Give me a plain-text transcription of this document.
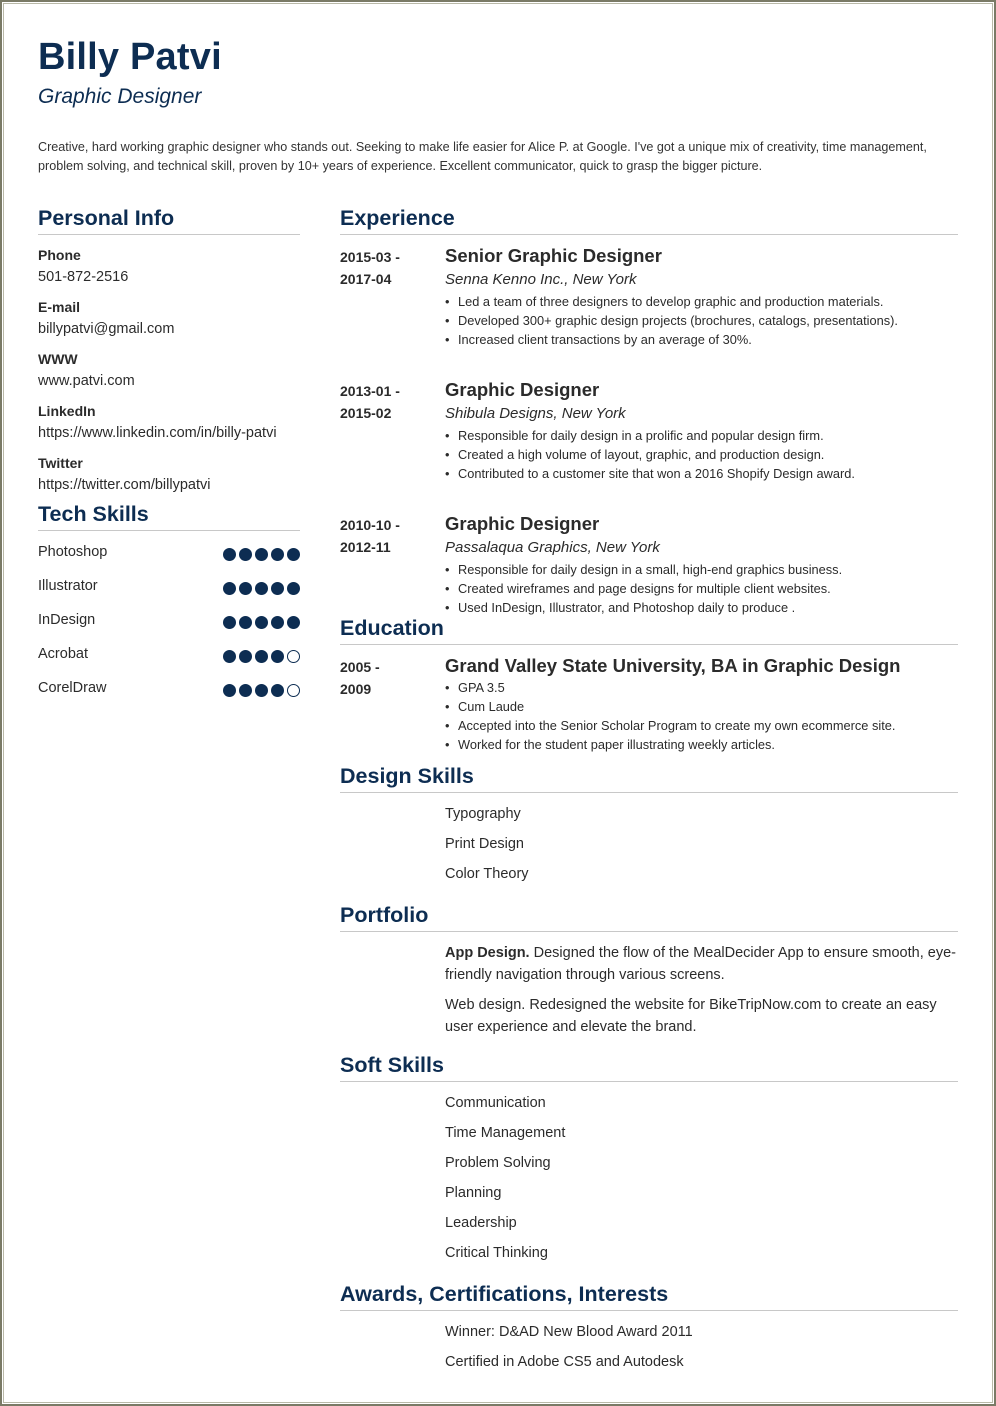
Billy Patvi
Graphic Designer

Creative, hard working graphic designer who stands out. Seeking to make life easier for Alice P. at Google. I've got a unique mix of creativity, time management, problem solving, and technical skill, proven by 10+ years of experience. Excellent communicator, quick to grasp the bigger picture.

Personal Info
Phone
501-872-2516
E-mail
billypatvi@gmail.com
WWW
www.patvi.com
LinkedIn
https://www.linkedin.com/in/billy-patvi
Twitter
https://twitter.com/billypatvi
Tech Skills
Photoshop
Illustrator
InDesign
Acrobat
CorelDraw
Experience
2015-03 -
2017-04
Senior Graphic Designer
Senna Kenno Inc., New York
• Led a team of three designers to develop graphic and production materials.
• Developed 300+ graphic design projects (brochures, catalogs, presentations).
• Increased client transactions by an average of 30%.
2013-01 -
2015-02
Graphic Designer
Shibula Designs, New York
• Responsible for daily design in a prolific and popular design firm.
• Created a high volume of layout, graphic, and production design.
• Contributed to a customer site that won a 2016 Shopify Design award.
2010-10 -
2012-11
Graphic Designer
Passalaqua Graphics, New York
• Responsible for daily design in a small, high-end graphics business.
• Created wireframes and page designs for multiple client websites.
• Used InDesign, Illustrator, and Photoshop daily to produce .
Education
2005 -
2009
Grand Valley State University, BA in Graphic Design
• GPA 3.5
• Cum Laude
• Accepted into the Senior Scholar Program to create my own ecommerce site.
• Worked for the student paper illustrating weekly articles.
Design Skills
Typography
Print Design
Color Theory
Portfolio

App Design. Designed the flow of the MealDecider App to ensure smooth, eye-friendly navigation through various screens.

Web design. Redesigned the website for BikeTripNow.com to create an easy user experience and elevate the brand.

Soft Skills
Communication
Time Management
Problem Solving
Planning
Leadership
Critical Thinking
Awards, Certifications, Interests
Winner: D&AD New Blood Award 2011
Certified in Adobe CS5 and Autodesk
